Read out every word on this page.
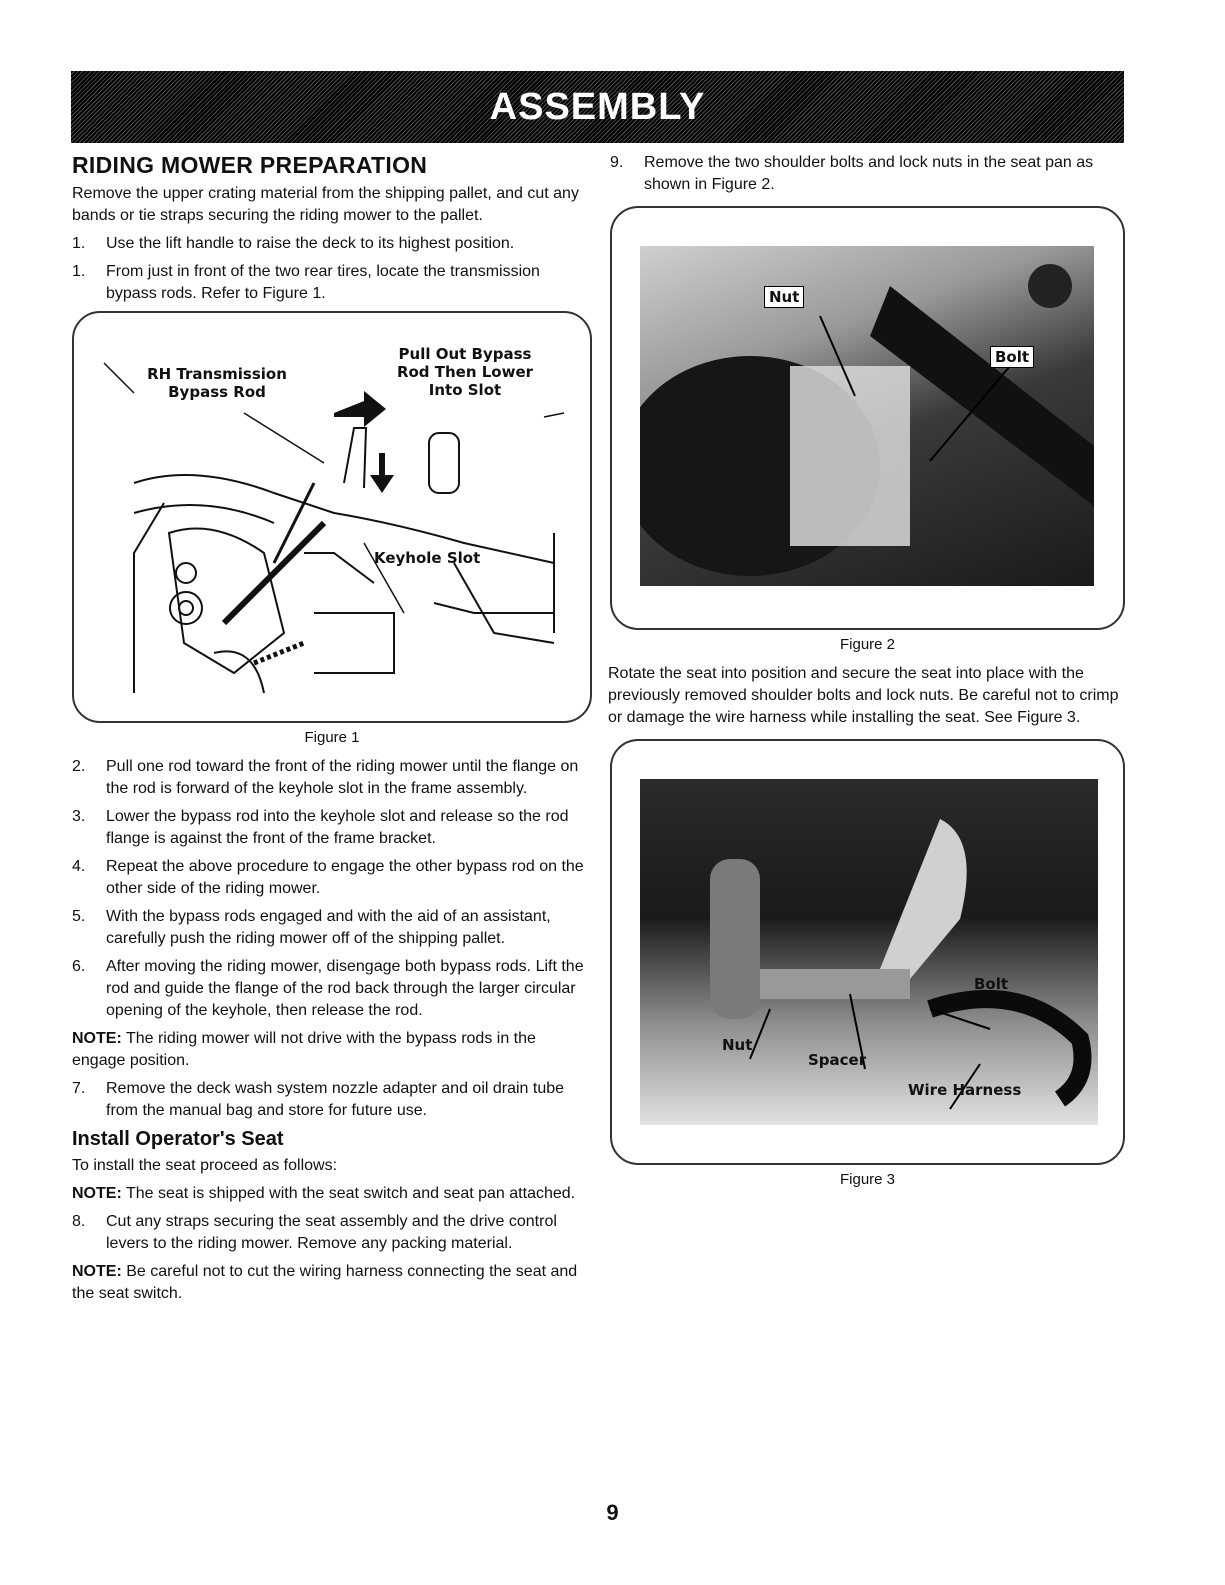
ASSEMBLY
RIDING MOWER PREPARATION

Remove the upper crating material from the shipping pallet, and cut any bands or tie straps securing the riding mower to the pallet.

1.	Use the lift handle to raise the deck to its highest position.
1.	From just in front of the two rear tires, locate the transmission bypass rods. Refer to Figure 1.
RH Transmission Bypass Rod
Pull Out Bypass Rod Then Lower Into Slot
Keyhole Slot
Figure 1
2.	Pull one rod toward the front of the riding mower until the flange on the rod is forward of the keyhole slot in the frame assembly.
3.	Lower the bypass rod into the keyhole slot and release so the rod flange is against the front of the frame bracket.
4.	Repeat the above procedure to engage the other bypass rod on the other side of the riding mower.
5.	With the bypass rods engaged and with the aid of an assistant, carefully push the riding mower off of the shipping pallet.
6.	After moving the riding mower, disengage both bypass rods. Lift the rod and guide the flange of the rod back through the larger circular opening of the keyhole, then release the rod.

NOTE: The riding mower will not drive with the bypass rods in the engage position.

7.	Remove the deck wash system nozzle adapter and oil drain tube from the manual bag and store for future use.
Install Operator's Seat

To install the seat proceed as follows:

NOTE: The seat is shipped with the seat switch and seat pan attached.

8.	Cut any straps securing the seat assembly and the drive control levers to the riding mower. Remove any packing material.

NOTE: Be careful not to cut the wiring harness connecting the seat and the seat switch.

9.	Remove the two shoulder bolts and lock nuts in the seat pan as shown in Figure 2.
Nut
Bolt
Figure 2

Rotate the seat into position and secure the seat into place with the previously removed shoulder bolts and lock nuts. Be careful not to crimp or damage the wire harness while installing the seat. See Figure 3.

Bolt
Nut
Spacer
Wire Harness
Figure 3
9
